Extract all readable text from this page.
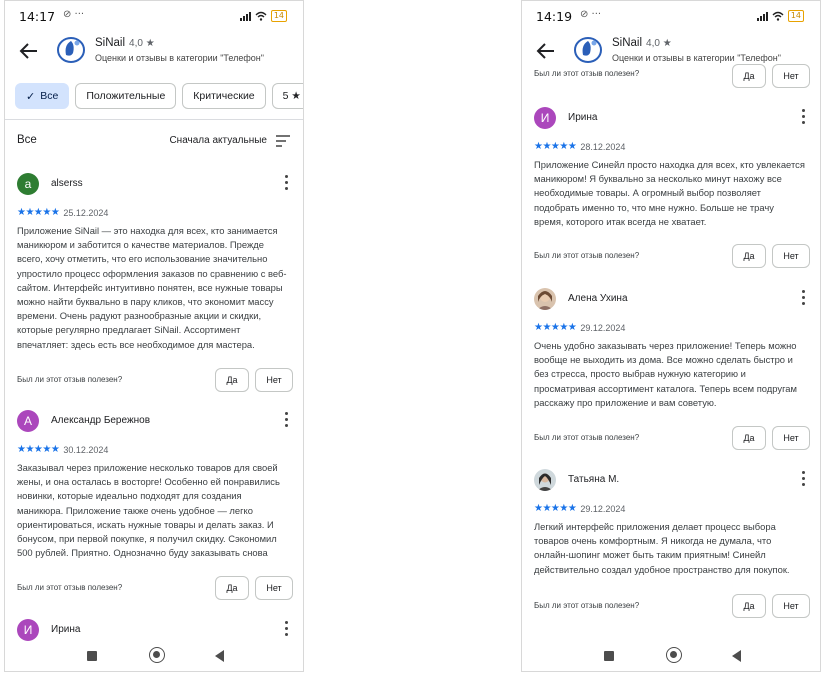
14:17 ⊘ ···	14
SiNail 4,0 ★
Оценки и отзывы в категории "Телефон"
✓ Все	Положительные	Критические	5 ★
Все	Сначала актуальные
a	alserss
★★★★★ 25.12.2024
Приложение SiNail — это находка для всех, кто занимается маникюром и заботится о качестве материалов. Прежде всего, хочу отметить, что его использование значительно упростило процесс оформления заказов по сравнению с веб-сайтом. Интерфейс интуитивно понятен, все нужные товары можно найти буквально в пару кликов, что экономит массу времени. Очень радуют разнообразные акции и скидки, которые регулярно предлагает SiNail. Ассортимент впечатляет: здесь есть все необходимое для мастера.
Был ли этот отзыв полезен?	Да	Нет
А	Александр Бережнов
★★★★★ 30.12.2024
Заказывал через приложение несколько товаров для своей жены, и она осталась в восторге! Особенно ей понравились новинки, которые идеально подходят для создания маникюра. Приложение также очень удобное — легко ориентироваться, искать нужные товары и делать заказ. И бонусом, при первой покупке, я получил скидку. Сэкономил 500 рублей. Приятно. Однозначно буду заказывать снова
Был ли этот отзыв полезен?	Да	Нет
И	Ирина
14:19 ⊘ ···	14
SiNail 4,0 ★
Оценки и отзывы в категории "Телефон"
Был ли этот отзыв полезен?	Да	Нет
И	Ирина
★★★★★ 28.12.2024
Приложение Синейл просто находка для всех, кто увлекается маникюром! Я буквально за несколько минут нахожу все необходимые товары. А огромный выбор позволяет подобрать именно то, что мне нужно. Больше не трачу время, которого итак всегда не хватает.
Был ли этот отзыв полезен?	Да	Нет
Алена Ухина
★★★★★ 29.12.2024
Очень удобно заказывать через приложение! Теперь можно вообще не выходить из дома. Все можно сделать быстро и без стресса, просто выбрав нужную категорию и просматривая ассортимент каталога. Теперь всем подругам расскажу про приложение и вам советую.
Был ли этот отзыв полезен?	Да	Нет
Татьяна М.
★★★★★ 29.12.2024
Легкий интерфейс приложения делает процесс выбора товаров очень комфортным. Я никогда не думала, что онлайн-шопинг может быть таким приятным! Синейл действительно создал удобное пространство для покупок.
Был ли этот отзыв полезен?	Да	Нет
